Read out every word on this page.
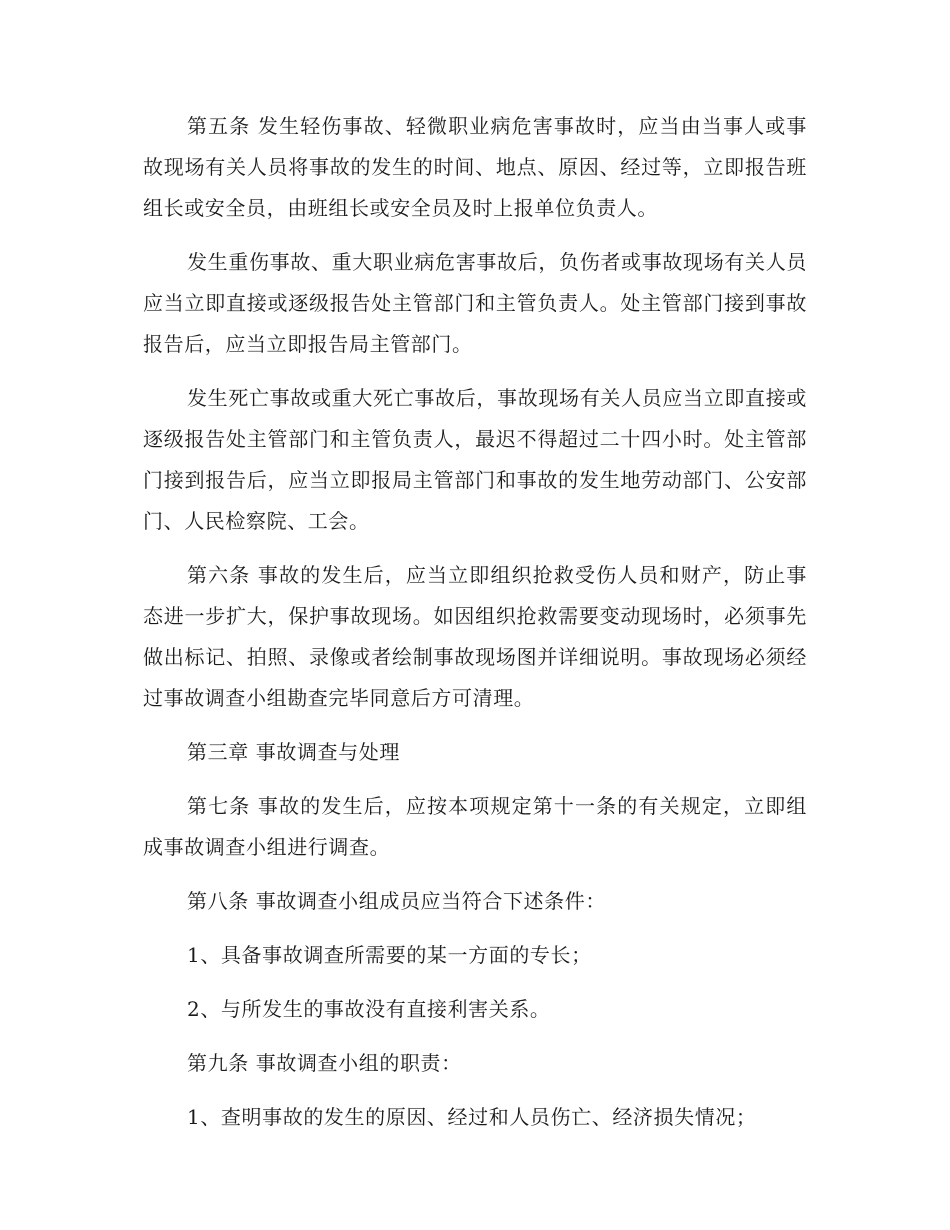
第五条 发生轻伤事故、轻微职业病危害事故时，应当由当事人或事故现场有关人员将事故的发生的时间、地点、原因、经过等，立即报告班组长或安全员，由班组长或安全员及时上报单位负责人。

发生重伤事故、重大职业病危害事故后，负伤者或事故现场有关人员应当立即直接或逐级报告处主管部门和主管负责人。处主管部门接到事故报告后，应当立即报告局主管部门。

发生死亡事故或重大死亡事故后，事故现场有关人员应当立即直接或逐级报告处主管部门和主管负责人，最迟不得超过二十四小时。处主管部门接到报告后，应当立即报局主管部门和事故的发生地劳动部门、公安部门、人民检察院、工会。

第六条 事故的发生后，应当立即组织抢救受伤人员和财产，防止事态进一步扩大，保护事故现场。如因组织抢救需要变动现场时，必须事先做出标记、拍照、录像或者绘制事故现场图并详细说明。事故现场必须经过事故调查小组勘查完毕同意后方可清理。

第三章 事故调查与处理

第七条 事故的发生后，应按本项规定第十一条的有关规定，立即组成事故调查小组进行调查。

第八条 事故调查小组成员应当符合下述条件：

1、具备事故调查所需要的某一方面的专长；

2、与所发生的事故没有直接利害关系。

第九条 事故调查小组的职责：

1、查明事故的发生的原因、经过和人员伤亡、经济损失情况；
